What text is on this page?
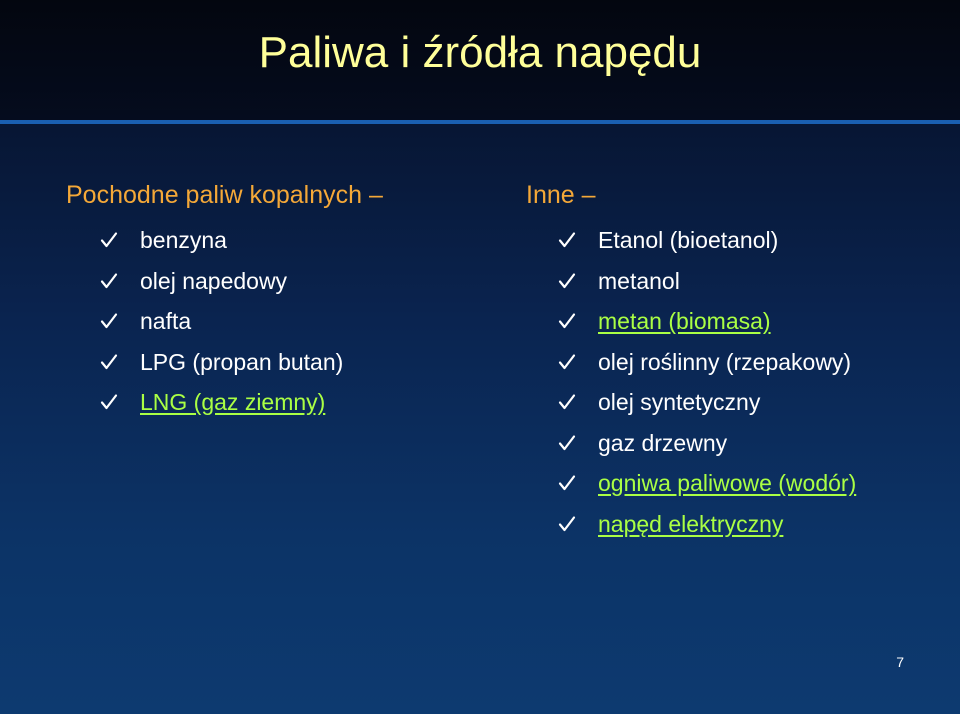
Paliwa i źródła napędu
Pochodne paliw kopalnych –
benzyna
olej napedowy
nafta
LPG (propan butan)
LNG (gaz ziemny)
Inne –
Etanol (bioetanol)
metanol
metan (biomasa)
olej roślinny (rzepakowy)
olej syntetyczny
gaz drzewny
ogniwa paliwowe (wodór)
napęd elektryczny
7
